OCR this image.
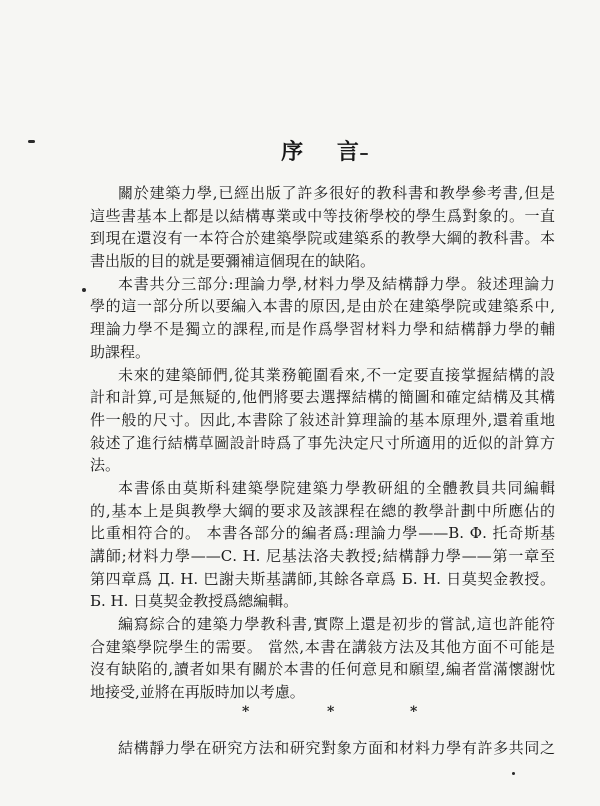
序 言
關於建築力學,已經出版了許多很好的教科書和教學參考書,但是
這些書基本上都是以結構專業或中等技術學校的學生爲對象的。一直
到現在還沒有一本符合於建築學院或建築系的教學大綱的教科書。本
書出版的目的就是要彌補這個現在的缺陷。
本書共分三部分:理論力學,材料力學及結構靜力學。敍述理論力
學的這一部分所以要編入本書的原因,是由於在建築學院或建築系中,
理論力學不是獨立的課程,而是作爲學習材料力學和結構靜力學的輔
助課程。
未來的建築師們,從其業務範圍看來,不一定要直接掌握結構的設
計和計算,可是無疑的,他們將要去選擇結構的簡圖和確定結構及其構
件一般的尺寸。因此,本書除了敍述計算理論的基本原理外,還着重地
敍述了進行結構草圖設計時爲了事先決定尺寸所適用的近似的計算方
法。
本書係由莫斯科建築學院建築力學教研組的全體教員共同編輯
的,基本上是與教學大綱的要求及該課程在總的教學計劃中所應佔的
比重相符合的。 本書各部分的編者爲:理論力學——В. Ф. 托奇斯基
講師;材料力學——С. Н. 尼基法洛夫教授;結構靜力學——第一章至
第四章爲 Д. Н. 巴謝夫斯基講師,其餘各章爲 Б. Н. 日莫契金教授。
Б. Н. 日莫契金教授爲總編輯。
編寫綜合的建築力學教科書,實際上還是初步的嘗試,這也許能符
合建築學院學生的需要。 當然,本書在講敍方法及其他方面不可能是
沒有缺陷的,讀者如果有關於本書的任何意見和願望,編者當滿懷謝忱
地接受,並將在再版時加以考慮。
*	*	*
結構靜力學在研究方法和研究對象方面和材料力學有許多共同之
